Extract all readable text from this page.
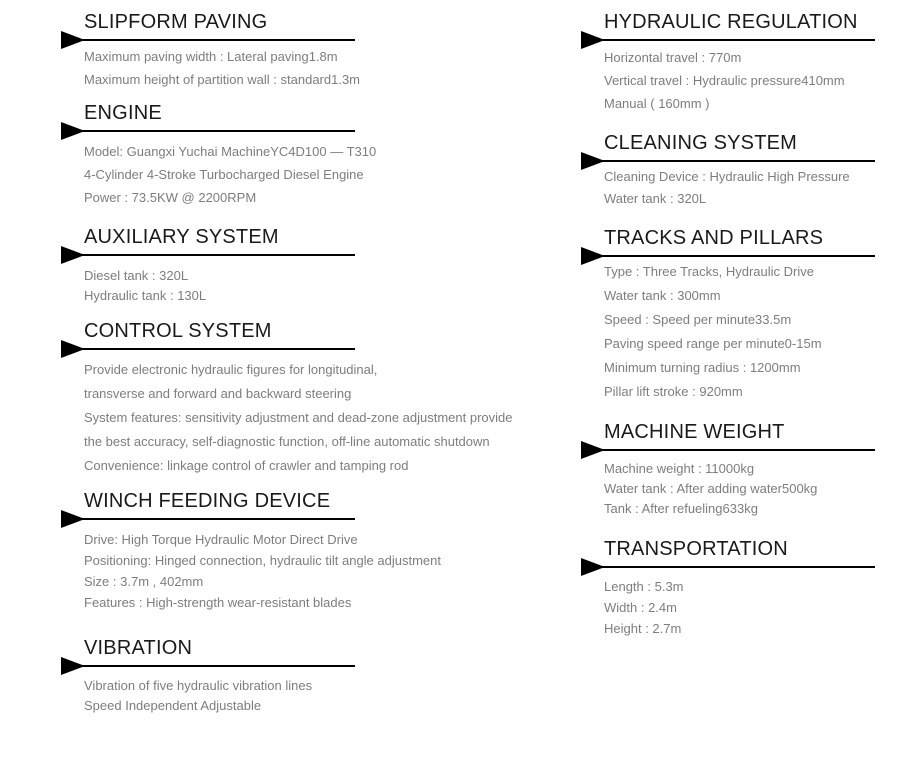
SLIPFORM PAVING
Maximum paving width : Lateral paving1.8m
Maximum height of partition wall : standard1.3m
ENGINE
Model: Guangxi Yuchai MachineYC4D100 — T310
4-Cylinder 4-Stroke Turbocharged Diesel Engine
Power : 73.5KW @ 2200RPM
AUXILIARY SYSTEM
Diesel tank : 320L
Hydraulic tank : 130L
CONTROL SYSTEM
Provide electronic hydraulic figures for longitudinal,
transverse and forward and backward steering
System features: sensitivity adjustment and dead-zone adjustment provide
the best accuracy, self-diagnostic function, off-line automatic shutdown
Convenience: linkage control of crawler and tamping rod
WINCH FEEDING DEVICE
Drive: High Torque Hydraulic Motor Direct Drive
Positioning: Hinged connection, hydraulic tilt angle adjustment
Size : 3.7m , 402mm
Features : High-strength wear-resistant blades
VIBRATION
Vibration of five hydraulic vibration lines
Speed Independent Adjustable
HYDRAULIC REGULATION
Horizontal travel : 770m
Vertical travel : Hydraulic pressure410mm
Manual ( 160mm )
CLEANING SYSTEM
Cleaning Device : Hydraulic High Pressure
Water tank : 320L
TRACKS AND PILLARS
Type : Three Tracks, Hydraulic Drive
Water tank : 300mm
Speed : Speed per minute33.5m
Paving speed range per minute0-15m
Minimum turning radius : 1200mm
Pillar lift stroke : 920mm
MACHINE WEIGHT
Machine weight : 11000kg
Water tank : After adding water500kg
Tank : After refueling633kg
TRANSPORTATION
Length : 5.3m
Width : 2.4m
Height : 2.7m
